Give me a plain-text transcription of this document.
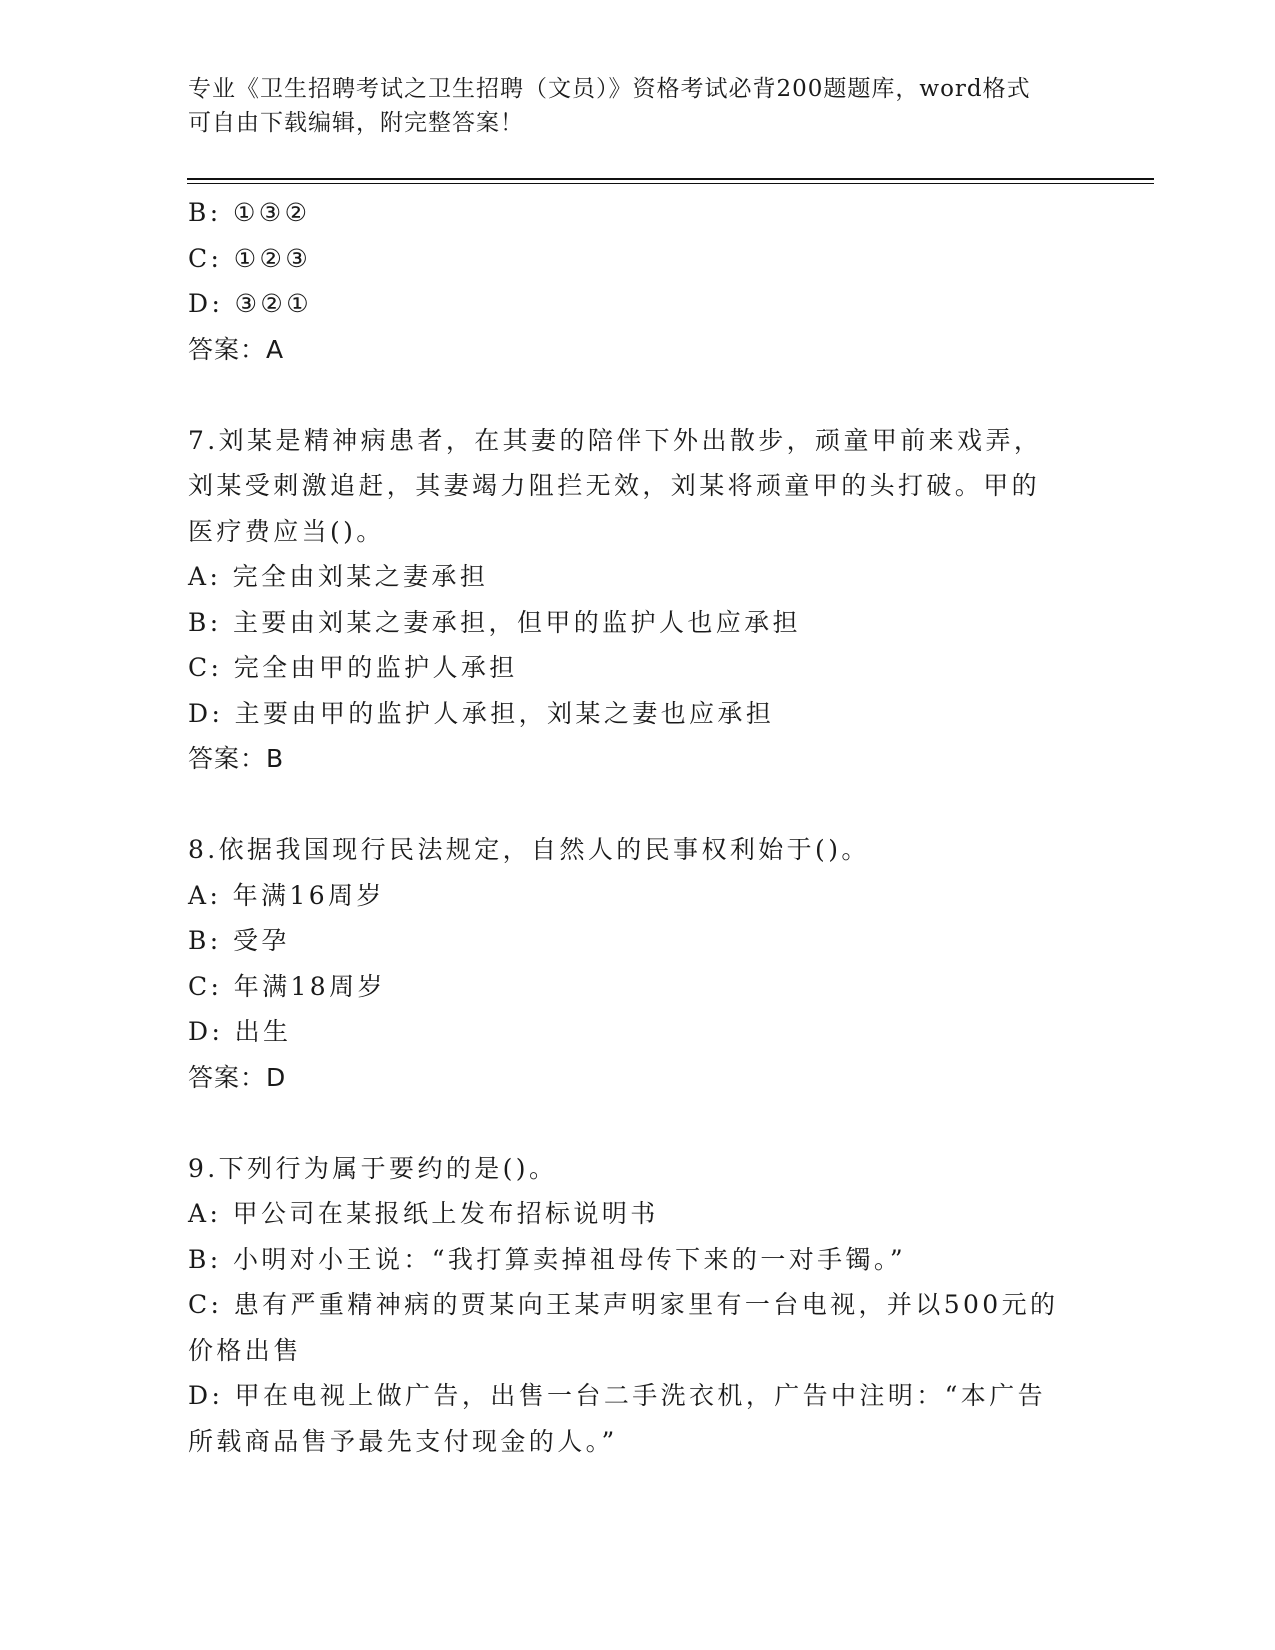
专业《卫生招聘考试之卫生招聘（文员）》资格考试必背200题题库，word格式
可自由下载编辑，附完整答案！
B: ①③②
C: ①②③
D: ③②①
答案：A
7.刘某是精神病患者，在其妻的陪伴下外出散步，顽童甲前来戏弄，
刘某受刺激追赶，其妻竭力阻拦无效，刘某将顽童甲的头打破。甲的
医疗费应当()。
A: 完全由刘某之妻承担
B: 主要由刘某之妻承担，但甲的监护人也应承担
C: 完全由甲的监护人承担
D: 主要由甲的监护人承担，刘某之妻也应承担
答案：B
8.依据我国现行民法规定，自然人的民事权利始于()。
A: 年满16周岁
B: 受孕
C: 年满18周岁
D: 出生
答案：D
9.下列行为属于要约的是()。
A: 甲公司在某报纸上发布招标说明书
B: 小明对小王说：“我打算卖掉祖母传下来的一对手镯。”
C: 患有严重精神病的贾某向王某声明家里有一台电视，并以500元的
价格出售
D: 甲在电视上做广告，出售一台二手洗衣机，广告中注明：“本广告
所载商品售予最先支付现金的人。”
